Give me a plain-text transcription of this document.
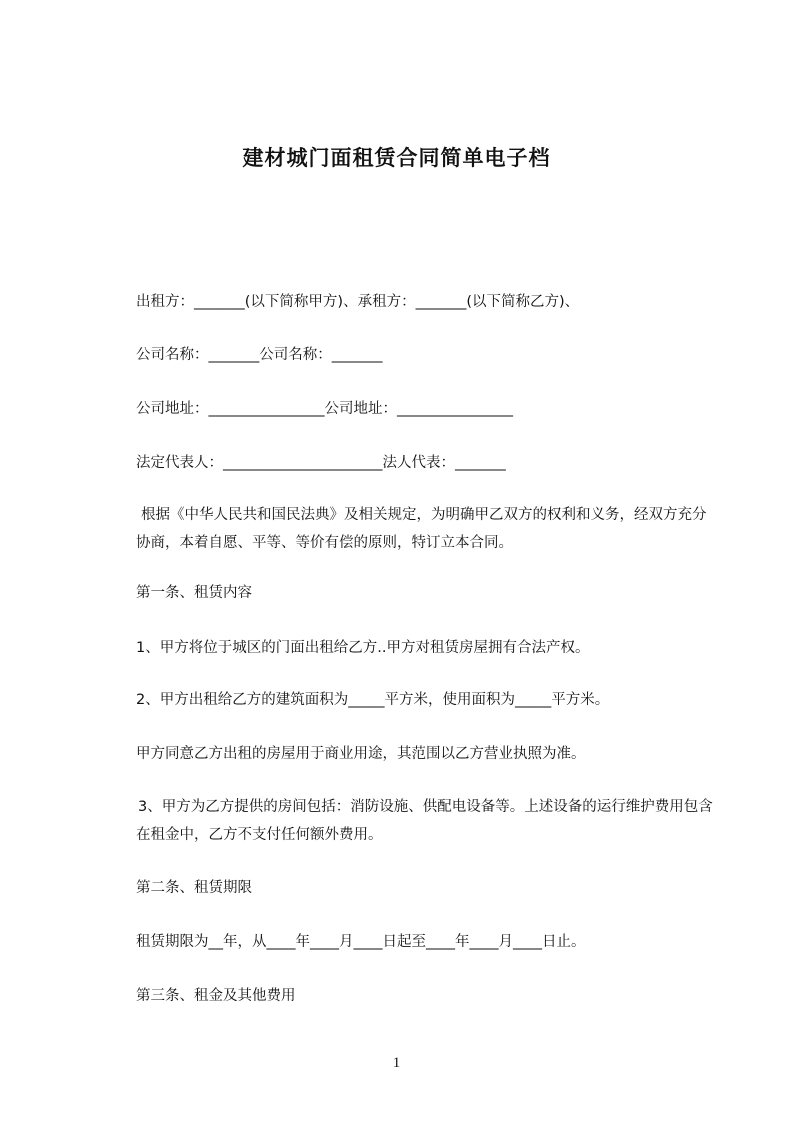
建材城门面租赁合同简单电子档
出租方：_______(以下简称甲方)、承租方：_______(以下简称乙方)、
公司名称：_______公司名称：_______
公司地址：________________公司地址：________________
法定代表人：______________________法人代表：_______
根据《中华人民共和国民法典》及相关规定，为明确甲乙双方的权利和义务，经双方充分协商，本着自愿、平等、等价有偿的原则，特订立本合同。
第一条、租赁内容
1、甲方将位于城区的门面出租给乙方..甲方对租赁房屋拥有合法产权。
2、甲方出租给乙方的建筑面积为_____平方米，使用面积为_____平方米。
甲方同意乙方出租的房屋用于商业用途，其范围以乙方营业执照为准。
3、甲方为乙方提供的房间包括：消防设施、供配电设备等。上述设备的运行维护费用包含在租金中，乙方不支付任何额外费用。
第二条、租赁期限
租赁期限为__年，从____年____月____日起至____年____月____日止。
第三条、租金及其他费用
1
